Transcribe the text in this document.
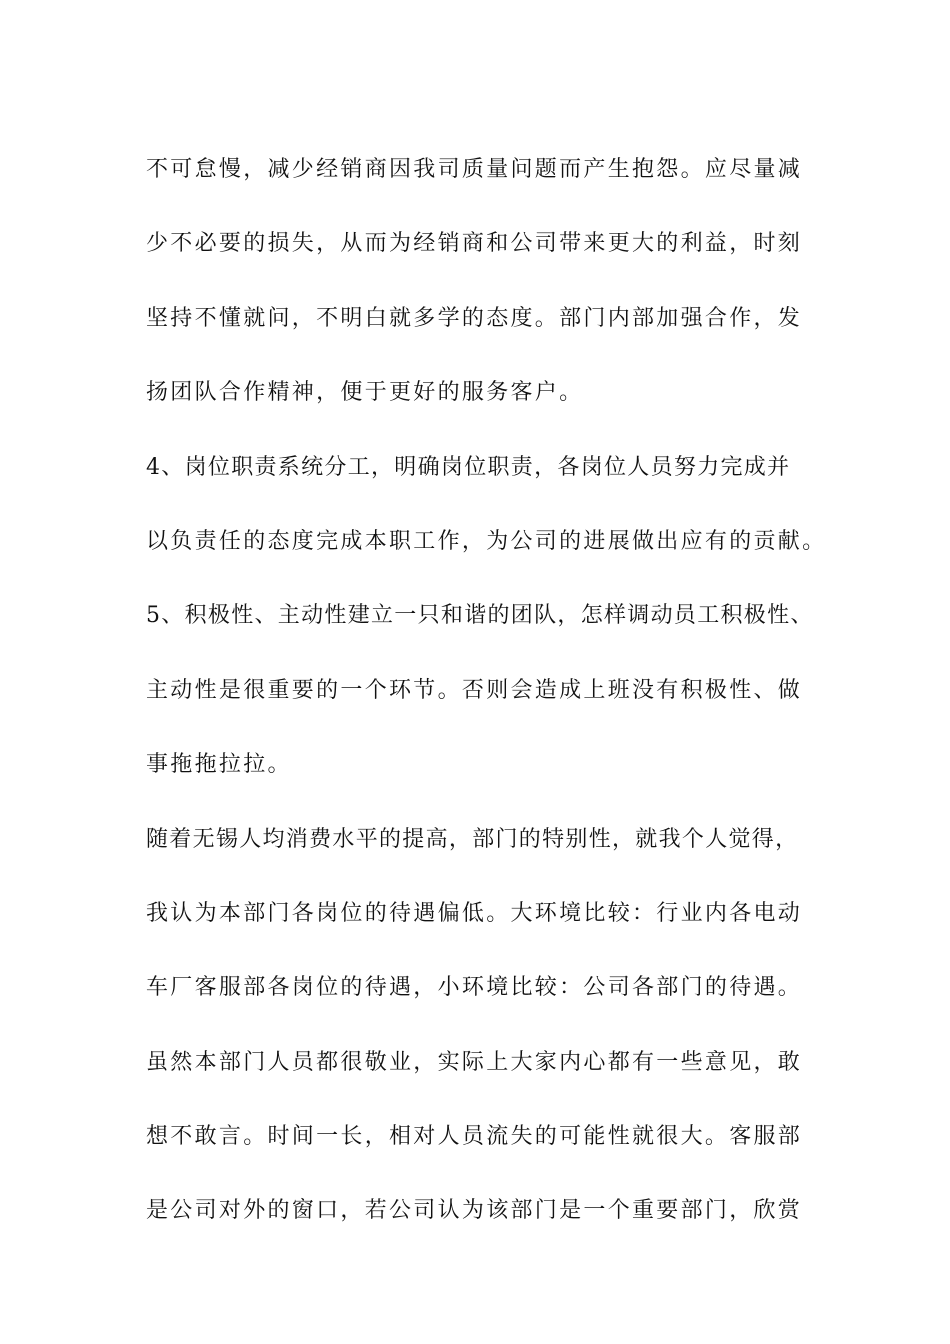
不可怠慢，减少经销商因我司质量问题而产生抱怨。应尽量减
少不必要的损失，从而为经销商和公司带来更大的利益，时刻
坚持不懂就问，不明白就多学的态度。部门内部加强合作，发
扬团队合作精神，便于更好的服务客户。
4、岗位职责系统分工，明确岗位职责，各岗位人员努力完成并
以负责任的态度完成本职工作，为公司的进展做出应有的贡献。
5、积极性、主动性建立一只和谐的团队，怎样调动员工积极性、
主动性是很重要的一个环节。否则会造成上班没有积极性、做
事拖拖拉拉。
随着无锡人均消费水平的提高，部门的特别性，就我个人觉得，
我认为本部门各岗位的待遇偏低。大环境比较：行业内各电动
车厂客服部各岗位的待遇，小环境比较：公司各部门的待遇。
虽然本部门人员都很敬业，实际上大家内心都有一些意见，敢
想不敢言。时间一长，相对人员流失的可能性就很大。客服部
是公司对外的窗口，若公司认为该部门是一个重要部门，欣赏
